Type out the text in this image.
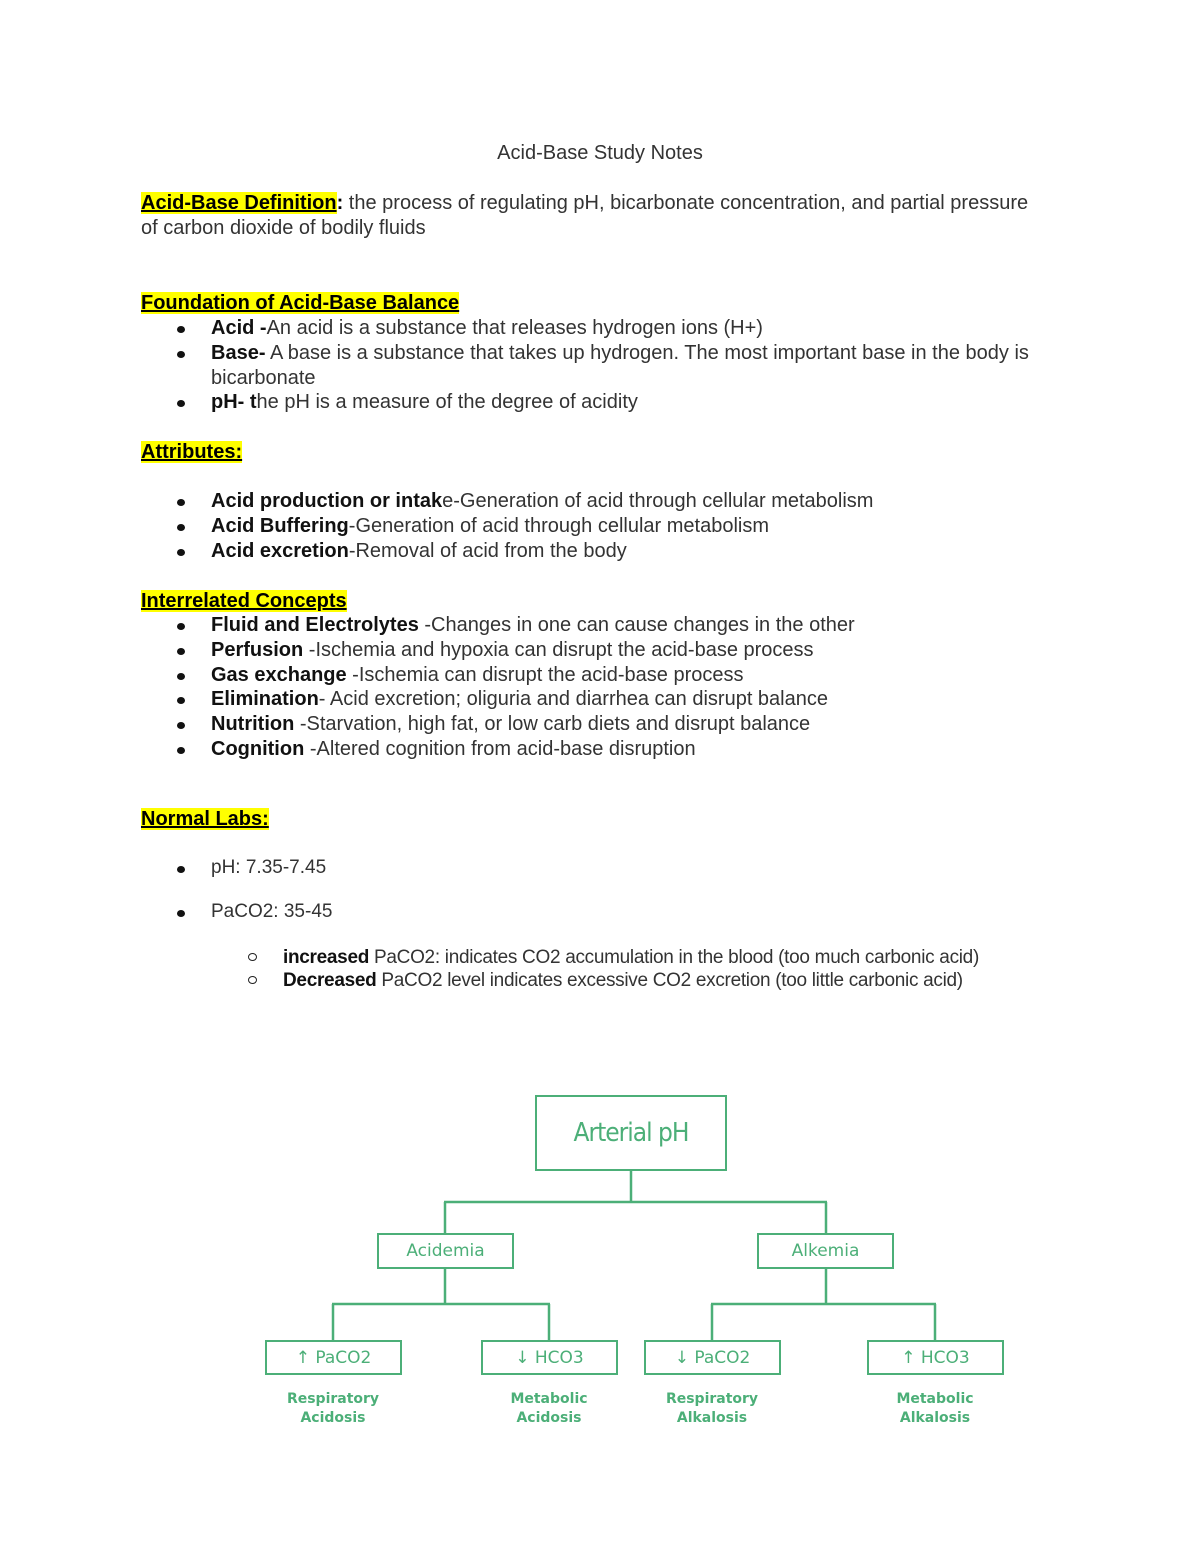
Acid-Base Study Notes
Acid-Base Definition: the process of regulating pH, bicarbonate concentration, and partial pressure of carbon dioxide of bodily fluids
Foundation of Acid-Base Balance
Acid -An acid is a substance that releases hydrogen ions (H+)
Base- A base is a substance that takes up hydrogen. The most important base in the body is bicarbonate
pH- the pH is a measure of the degree of acidity
Attributes:
Acid production or intake-Generation of acid through cellular metabolism
Acid Buffering-Generation of acid through cellular metabolism
Acid excretion-Removal of acid from the body
Interrelated Concepts
Fluid and Electrolytes -Changes in one can cause changes in the other
Perfusion -Ischemia and hypoxia can disrupt the acid-base process
Gas exchange -Ischemia can disrupt the acid-base process
Elimination- Acid excretion; oliguria and diarrhea can disrupt balance
Nutrition -Starvation, high fat, or low carb diets and disrupt balance
Cognition -Altered cognition from acid-base disruption
Normal Labs:
pH: 7.35-7.45
PaCO2: 35-45
increased PaCO2: indicates CO2 accumulation in the blood (too much carbonic acid)
Decreased PaCO2 level indicates excessive CO2 excretion (too little carbonic acid)
Arterial pH
Acidemia	Alkemia
↑ PaCO2	↓ HCO3	↓ PaCO2	↑ HCO3
Respiratory
Acidosis
Metabolic
Acidosis
Respiratory
Alkalosis
Metabolic
Alkalosis
